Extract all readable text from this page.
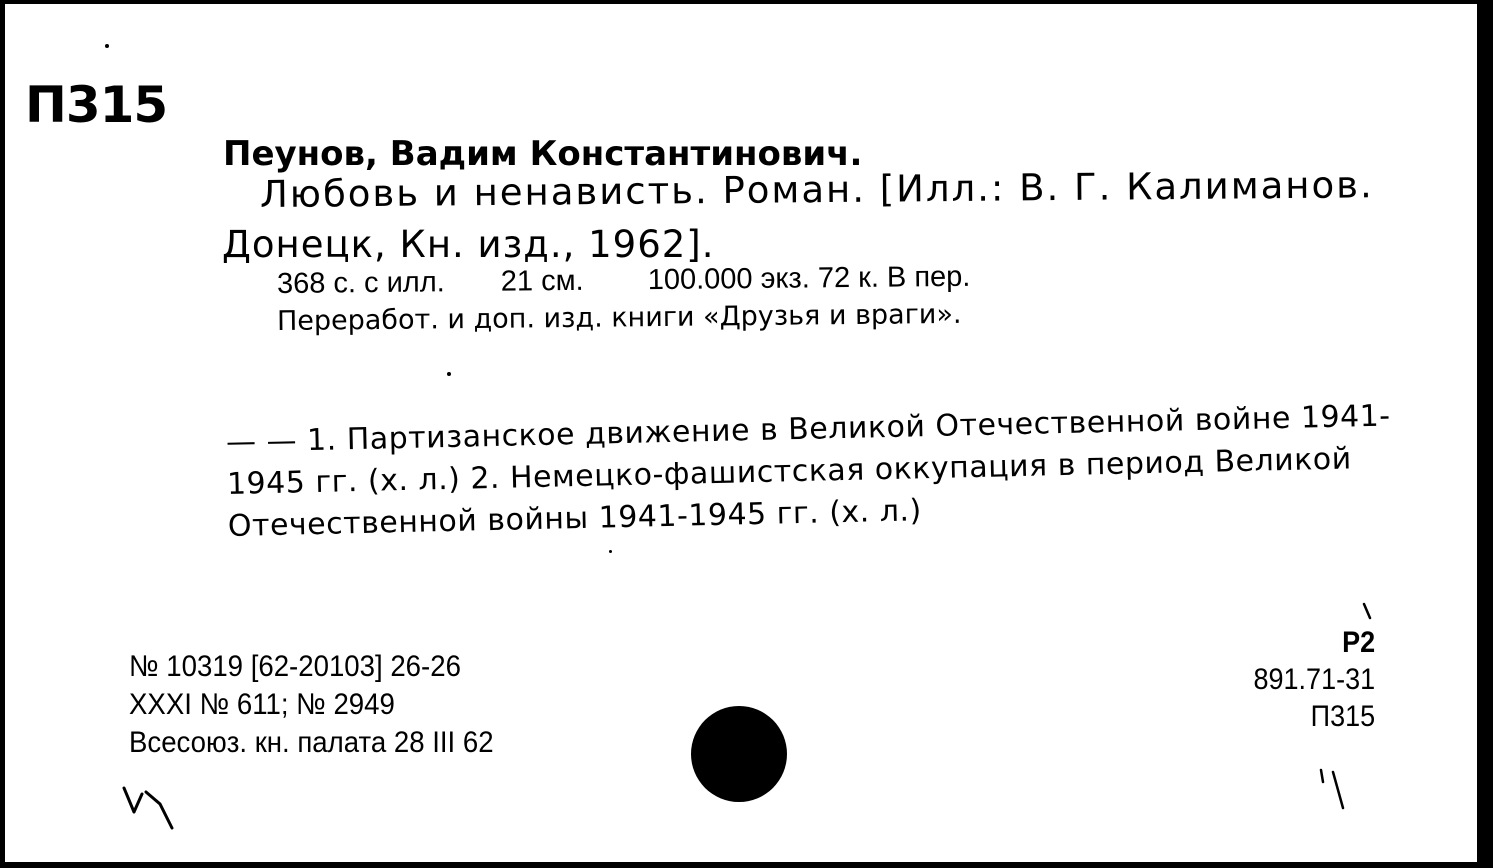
П315
Пеунов, Вадим Константинович.
Любовь и ненависть. Роман. [Илл.: В. Г. Калиманов.
Донецк, Кн. изд., 1962].
368 с. с илл. 21 см. 100.000 экз. 72 к. В пер.
Переработ. и доп. изд. книги «Друзья и враги».
— — 1. Партизанское движение в Великой Отечественной войне 1941-1945 гг. (х. л.) 2. Немецко-фашистская оккупация в период Великой Отечественной войны 1941-1945 гг. (х. л.)
№ 10319 [62-20103] 26-26
XXXI № 611; № 2949
Всесоюз. кн. палата 28 III 62
Р2
891.71-31
П315
